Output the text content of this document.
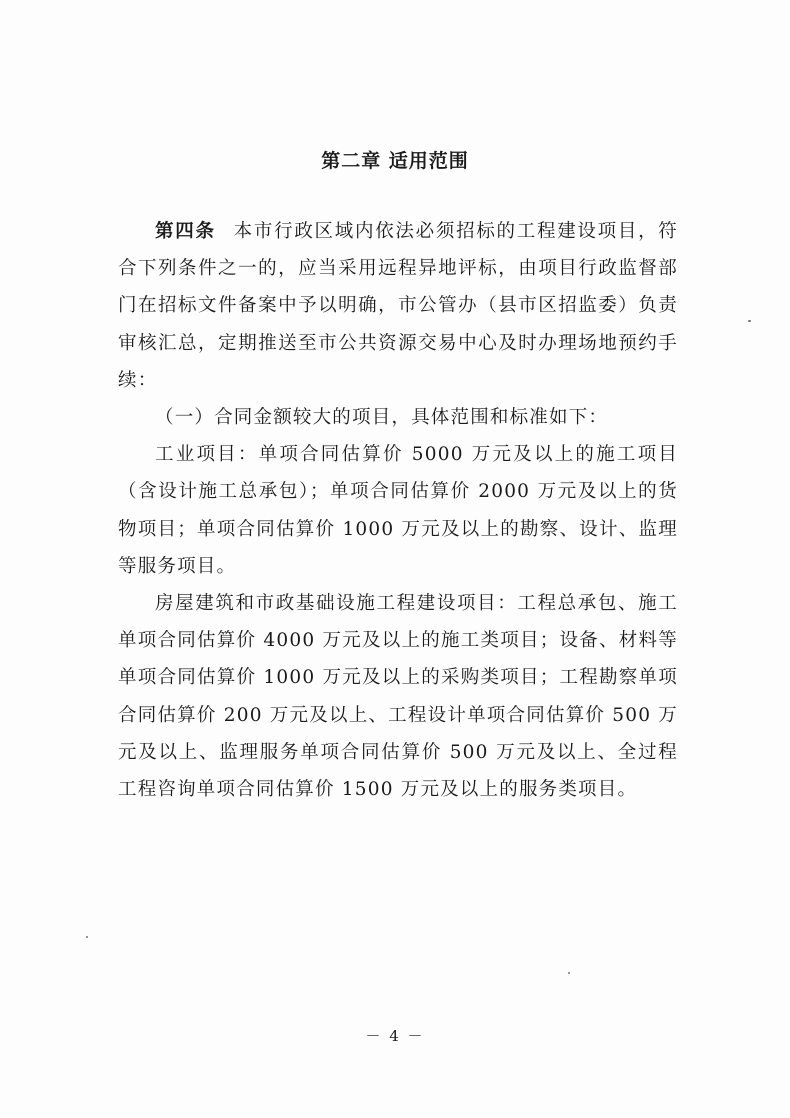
第二章 适用范围

第四条 本市行政区域内依法必须招标的工程建设项目，符合下列条件之一的，应当采用远程异地评标，由项目行政监督部门在招标文件备案中予以明确，市公管办（县市区招监委）负责审核汇总，定期推送至市公共资源交易中心及时办理场地预约手续：

（一）合同金额较大的项目，具体范围和标准如下：

工业项目：单项合同估算价 5000 万元及以上的施工项目（含设计施工总承包）；单项合同估算价 2000 万元及以上的货物项目；单项合同估算价 1000 万元及以上的勘察、设计、监理等服务项目。

房屋建筑和市政基础设施工程建设项目：工程总承包、施工单项合同估算价 4000 万元及以上的施工类项目；设备、材料等单项合同估算价 1000 万元及以上的采购类项目；工程勘察单项合同估算价 200 万元及以上、工程设计单项合同估算价 500 万元及以上、监理服务单项合同估算价 500 万元及以上、全过程工程咨询单项合同估算价 1500 万元及以上的服务类项目。

－ 4 －
